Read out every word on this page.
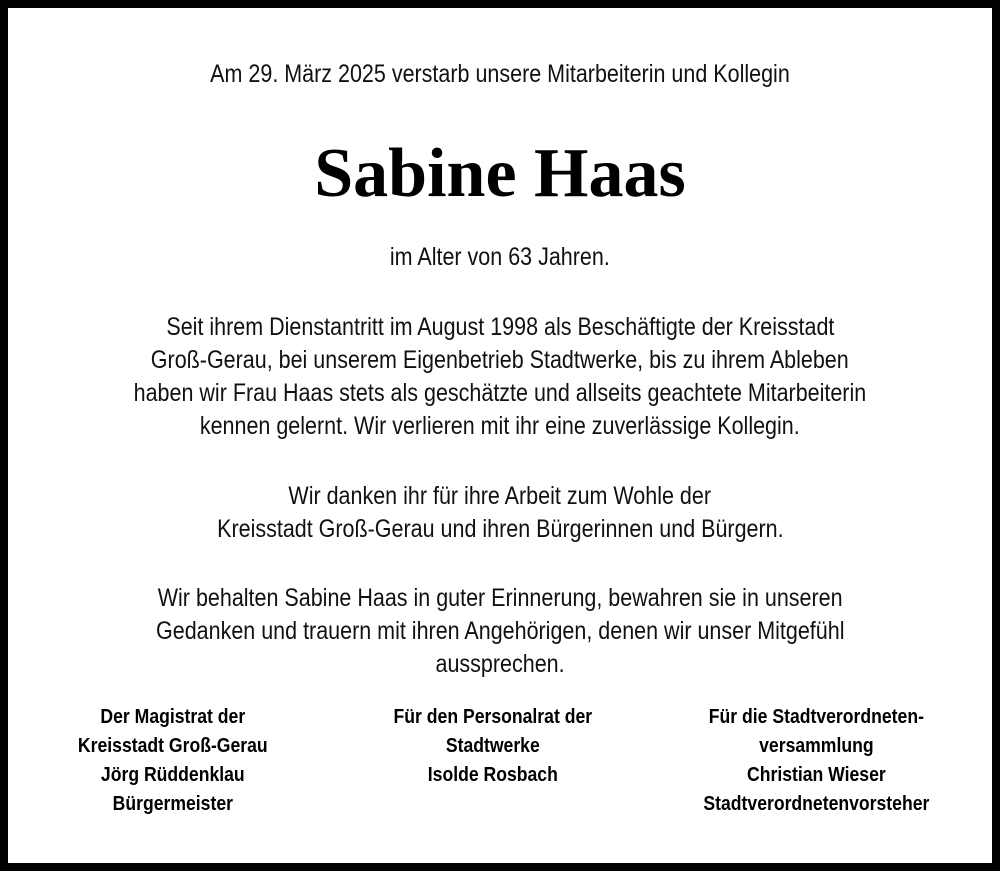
Am 29. März 2025 verstarb unsere Mitarbeiterin und Kollegin
Sabine Haas
im Alter von 63 Jahren.
Seit ihrem Dienstantritt im August 1998 als Beschäftigte der Kreisstadt
Groß-Gerau, bei unserem Eigenbetrieb Stadtwerke, bis zu ihrem Ableben
haben wir Frau Haas stets als geschätzte und allseits geachtete Mitarbeiterin
kennen gelernt. Wir verlieren mit ihr eine zuverlässige Kollegin.
Wir danken ihr für ihre Arbeit zum Wohle der
Kreisstadt Groß-Gerau und ihren Bürgerinnen und Bürgern.
Wir behalten Sabine Haas in guter Erinnerung, bewahren sie in unseren
Gedanken und trauern mit ihren Angehörigen, denen wir unser Mitgefühl
aussprechen.
Der Magistrat der
Kreisstadt Groß-Gerau
Jörg Rüddenklau
Bürgermeister
Für den Personalrat der
Stadtwerke
Isolde Rosbach
Für die Stadtverordneten-
versammlung
Christian Wieser
Stadtverordnetenvorsteher
